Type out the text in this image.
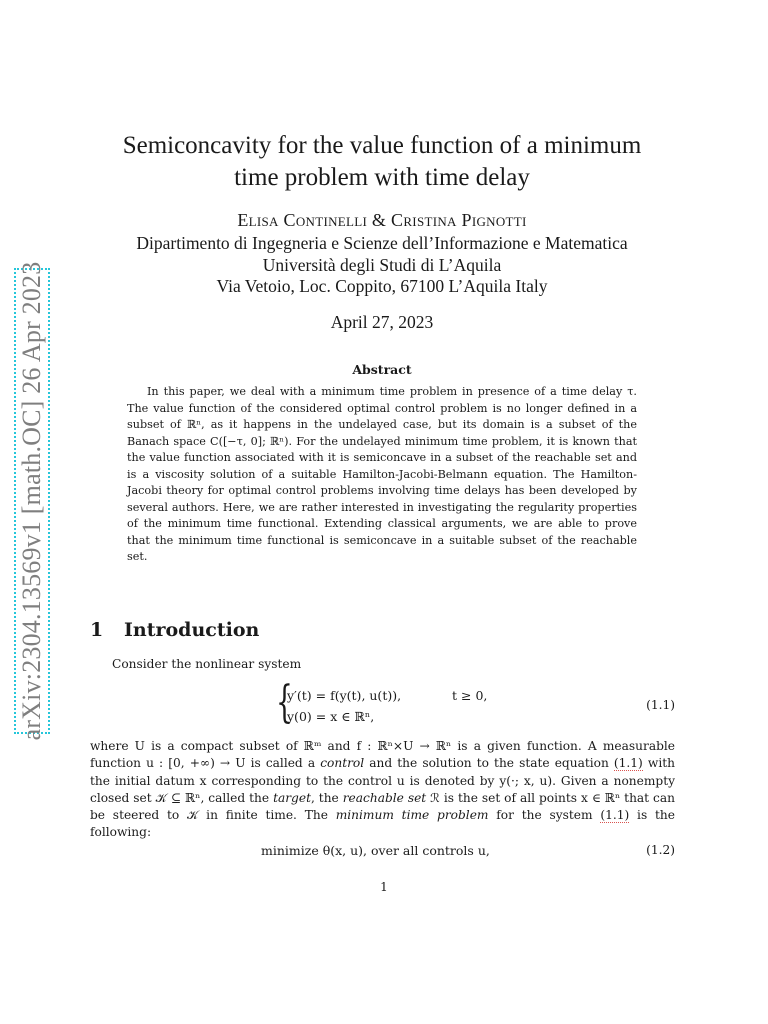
arXiv:2304.13569v1 [math.OC] 26 Apr 2023
Semiconcavity for the value function of a minimum
time problem with time delay
Elisa Continelli & Cristina Pignotti
Dipartimento di Ingegneria e Scienze dell’Informazione e Matematica
Università degli Studi di L’Aquila
Via Vetoio, Loc. Coppito, 67100 L’Aquila Italy
April 27, 2023
Abstract

In this paper, we deal with a minimum time problem in presence of a time delay τ. The value function of the considered optimal control problem is no longer defined in a subset of ℝⁿ, as it happens in the undelayed case, but its domain is a subset of the Banach space C([−τ, 0]; ℝⁿ). For the undelayed minimum time problem, it is known that the value function associated with it is semiconcave in a subset of the reachable set and is a viscosity solution of a suitable Hamilton-Jacobi-Belmann equation. The Hamilton-Jacobi theory for optimal control problems involving time delays has been developed by several authors. Here, we are rather interested in investigating the regularity properties of the minimum time functional. Extending classical arguments, we are able to prove that the minimum time functional is semiconcave in a suitable subset of the reachable set.

1 Introduction

Consider the nonlinear system

{
y′(t) = f(y(t), u(t)),
y(0) = x ∈ ℝⁿ,
t ≥ 0,
(1.1)

where U is a compact subset of ℝᵐ and f : ℝⁿ×U → ℝⁿ is a given function. A measurable function u : [0, +∞) → U is called a control and the solution to the state equation (1.1) with the initial datum x corresponding to the control u is denoted by y(·; x, u). Given a nonempty closed set 𝒦 ⊆ ℝⁿ, called the target, the reachable set ℛ is the set of all points x ∈ ℝⁿ that can be steered to 𝒦 in finite time. The minimum time problem for the system (1.1) is the following:

minimize θ(x, u), over all controls u,	(1.2)
1
